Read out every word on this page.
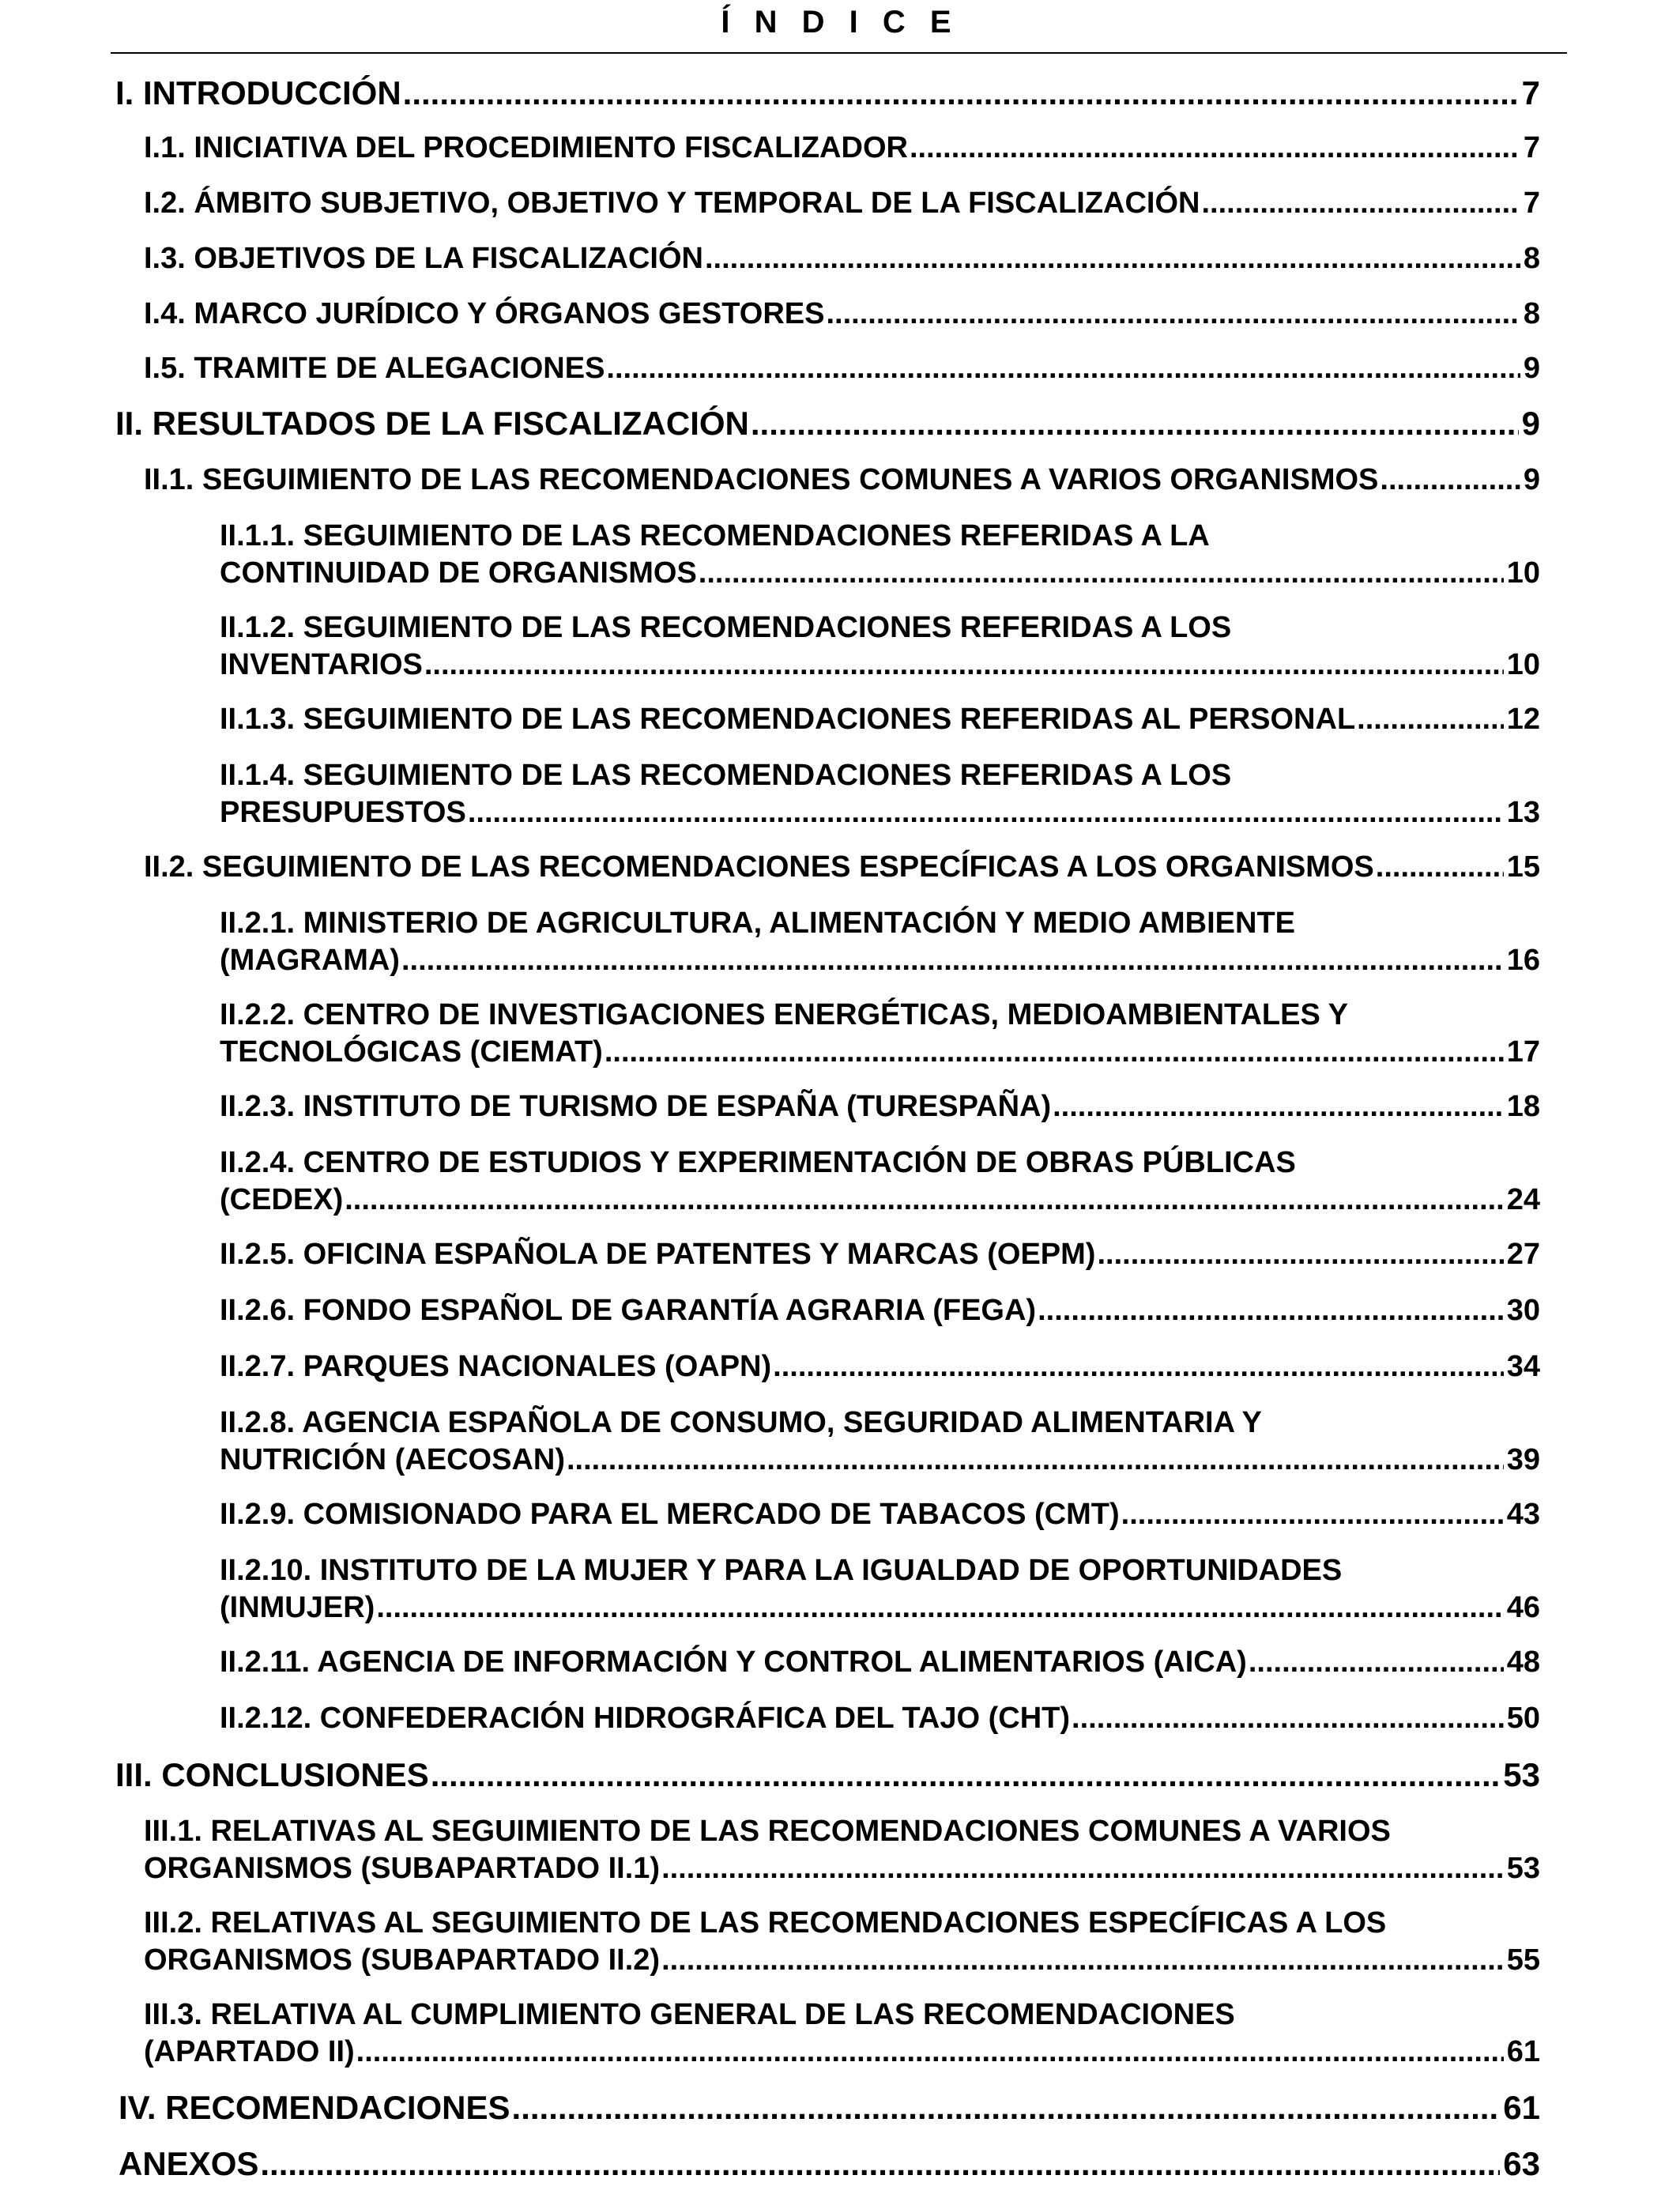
Í N D I C E
I. INTRODUCCIÓN .....	7
I.1. INICIATIVA DEL PROCEDIMIENTO FISCALIZADOR .....	7
I.2. ÁMBITO SUBJETIVO, OBJETIVO Y TEMPORAL DE LA FISCALIZACIÓN .....	7
I.3. OBJETIVOS DE LA FISCALIZACIÓN .....	8
I.4. MARCO JURÍDICO Y ÓRGANOS GESTORES .....	8
I.5. TRAMITE DE ALEGACIONES .....	9
II. RESULTADOS DE LA FISCALIZACIÓN .....	9
II.1. SEGUIMIENTO DE LAS RECOMENDACIONES COMUNES A VARIOS ORGANISMOS .....	9
II.1.1. SEGUIMIENTO DE LAS RECOMENDACIONES REFERIDAS A LA
CONTINUIDAD DE ORGANISMOS .....	10
II.1.2. SEGUIMIENTO DE LAS RECOMENDACIONES REFERIDAS A LOS
INVENTARIOS .....	10
II.1.3. SEGUIMIENTO DE LAS RECOMENDACIONES REFERIDAS AL PERSONAL .....	12
II.1.4. SEGUIMIENTO DE LAS RECOMENDACIONES REFERIDAS A LOS
PRESUPUESTOS .....	13
II.2. SEGUIMIENTO DE LAS RECOMENDACIONES ESPECÍFICAS A LOS ORGANISMOS .....	15
II.2.1. MINISTERIO DE AGRICULTURA, ALIMENTACIÓN Y MEDIO AMBIENTE
(MAGRAMA) .....	16
II.2.2. CENTRO DE INVESTIGACIONES ENERGÉTICAS, MEDIOAMBIENTALES Y
TECNOLÓGICAS (CIEMAT) .....	17
II.2.3. INSTITUTO DE TURISMO DE ESPAÑA (TURESPAÑA) .....	18
II.2.4. CENTRO DE ESTUDIOS Y EXPERIMENTACIÓN DE OBRAS PÚBLICAS
(CEDEX) .....	24
II.2.5. OFICINA ESPAÑOLA DE PATENTES Y MARCAS (OEPM) .....	27
II.2.6. FONDO ESPAÑOL DE GARANTÍA AGRARIA (FEGA) .....	30
II.2.7. PARQUES NACIONALES (OAPN) .....	34
II.2.8. AGENCIA ESPAÑOLA DE CONSUMO, SEGURIDAD ALIMENTARIA Y
NUTRICIÓN (AECOSAN) .....	39
II.2.9. COMISIONADO PARA EL MERCADO DE TABACOS (CMT) .....	43
II.2.10. INSTITUTO DE LA MUJER Y PARA LA IGUALDAD DE OPORTUNIDADES
(INMUJER) .....	46
II.2.11. AGENCIA DE INFORMACIÓN Y CONTROL ALIMENTARIOS (AICA) .....	48
II.2.12. CONFEDERACIÓN HIDROGRÁFICA DEL TAJO (CHT) .....	50
III. CONCLUSIONES .....	53
III.1. RELATIVAS AL SEGUIMIENTO DE LAS RECOMENDACIONES COMUNES A VARIOS
ORGANISMOS (SUBAPARTADO II.1) .....	53
III.2. RELATIVAS AL SEGUIMIENTO DE LAS RECOMENDACIONES ESPECÍFICAS A LOS
ORGANISMOS (SUBAPARTADO II.2) .....	55
III.3. RELATIVA AL CUMPLIMIENTO GENERAL DE LAS RECOMENDACIONES
(APARTADO II) .....	61
IV. RECOMENDACIONES .....	61
ANEXOS .....	63
